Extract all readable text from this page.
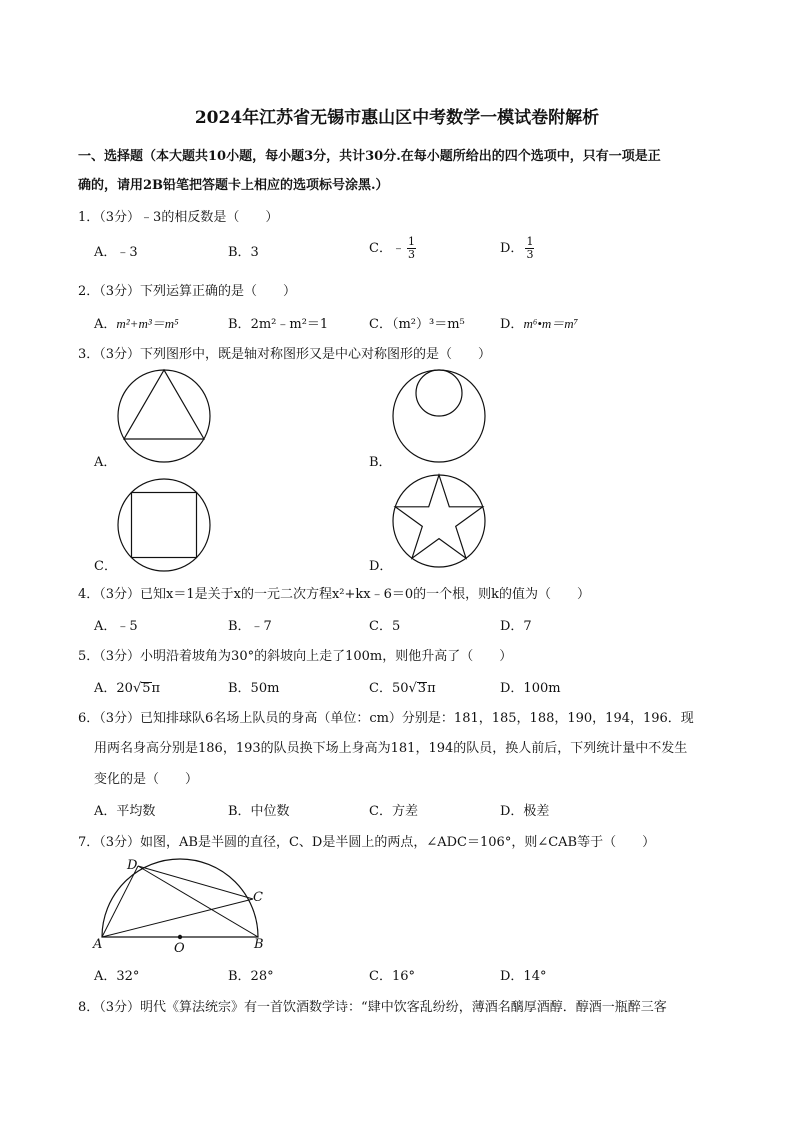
2024年江苏省无锡市惠山区中考数学一模试卷附解析
一、选择题（本大题共10小题，每小题3分，共计30分.在每小题所给出的四个选项中，只有一项是正
确的，请用2B铅笔把答题卡上相应的选项标号涂黑.）
1．（3分）﹣3的相反数是（　　）
A．﹣3	B．3	C．﹣ $\frac{1}{3}$	D． $\frac{1}{3}$
2．（3分）下列运算正确的是（　　）
A．m²+m³＝m⁵	B．2m²﹣m²＝1	C．（m²）³＝m⁵	D．m⁶•m＝m⁷
3．（3分）下列图形中，既是轴对称图形又是中心对称图形的是（　　）
A．	B．
C．	D．
4．（3分）已知x＝1是关于x的一元二次方程x²+kx﹣6＝0的一个根，则k的值为（　　）
A．﹣5	B．﹣7	C．5	D．7
5．（3分）小明沿着坡角为30°的斜坡向上走了100m，则他升高了（　　）
A．20√5π	B．50m	C．50√3π	D．100m
6．（3分）已知排球队6名场上队员的身高（单位：cm）分别是：181，185，188，190，194，196．现
用两名身高分别是186，193的队员换下场上身高为181，194的队员，换人前后，下列统计量中不发生
变化的是（　　）
A．平均数	B．中位数	C．方差	D．极差
7．（3分）如图，AB是半圆的直径，C、D是半圆上的两点，∠ADC＝106°，则∠CAB等于（　　）
A	B
C
D
O
A．32°	B．28°	C．16°	D．14°
8．（3分）明代《算法统宗》有一首饮酒数学诗：“肆中饮客乱纷纷，薄酒名醨厚酒醇．醇酒一瓶醉三客
